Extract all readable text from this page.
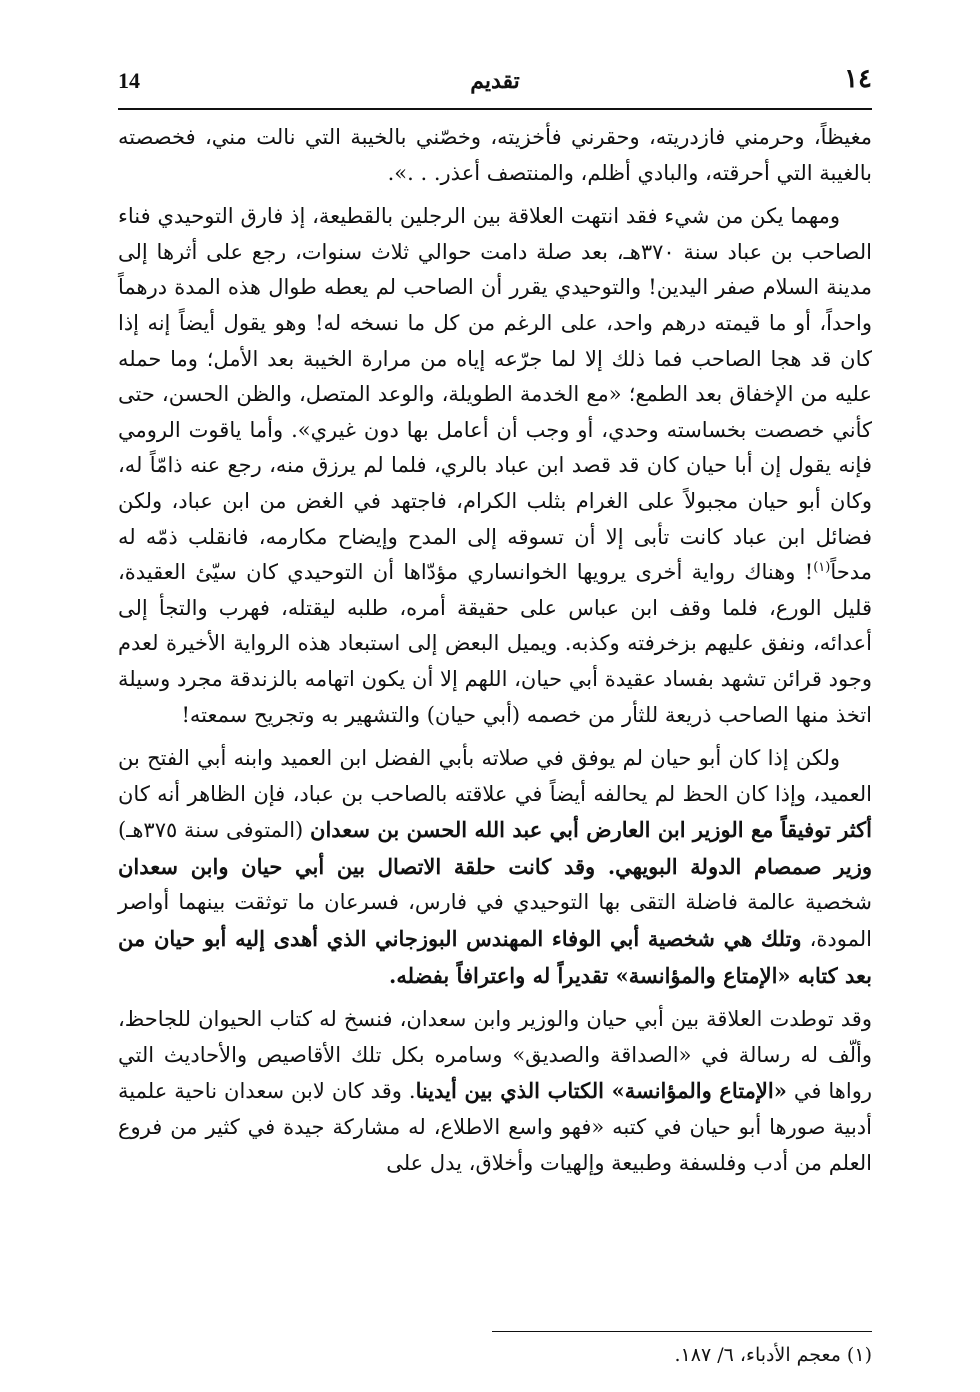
١٤
تقديم
14

مغيظاً، وحرمني فازدريته، وحقرني فأخزيته، وخصّني بالخيبة التي نالت مني، فخصصته بالغيبة التي أحرقته، والبادي أظلم، والمنتصف أعذر. . .».

ومهما يكن من شيء فقد انتهت العلاقة بين الرجلين بالقطيعة، إذ فارق التوحيدي فناء الصاحب بن عباد سنة ٣٧٠هـ، بعد صلة دامت حوالي ثلاث سنوات، رجع على أثرها إلى مدينة السلام صفر اليدين! والتوحيدي يقرر أن الصاحب لم يعطه طوال هذه المدة درهماً واحداً، أو ما قيمته درهم واحد، على الرغم من كل ما نسخه له! وهو يقول أيضاً إنه إذا كان قد هجا الصاحب فما ذلك إلا لما جرّعه إياه من مرارة الخيبة بعد الأمل؛ وما حمله عليه من الإخفاق بعد الطمع؛ «مع الخدمة الطويلة، والوعد المتصل، والظن الحسن، حتى كأني خصصت بخساسته وحدي، أو وجب أن أعامل بها دون غيري». وأما ياقوت الرومي فإنه يقول إن أبا حيان كان قد قصد ابن عباد بالري، فلما لم يرزق منه، رجع عنه ذامّاً له، وكان أبو حيان مجبولاً على الغرام بثلب الكرام، فاجتهد في الغض من ابن عباد، ولكن فضائل ابن عباد كانت تأبى إلا أن تسوقه إلى المدح وإيضاح مكارمه، فانقلب ذمّه له مدحاً$^{(١)}$! وهناك رواية أخرى يرويها الخوانساري مؤدّاها أن التوحيدي كان سيّئ العقيدة، قليل الورع، فلما وقف ابن عباس على حقيقة أمره، طلبه ليقتله، فهرب والتجأ إلى أعدائه، ونفق عليهم بزخرفته وكذبه. ويميل البعض إلى استبعاد هذه الرواية الأخيرة لعدم وجود قرائن تشهد بفساد عقيدة أبي حيان، اللهم إلا أن يكون اتهامه بالزندقة مجرد وسيلة اتخذ منها الصاحب ذريعة للثأر من خصمه (أبي حيان) والتشهير به وتجريح سمعته!

ولكن إذا كان أبو حيان لم يوفق في صلاته بأبي الفضل ابن العميد وابنه أبي الفتح بن العميد، وإذا كان الحظ لم يحالفه أيضاً في علاقته بالصاحب بن عباد، فإن الظاهر أنه كان أكثر توفيقاً مع الوزير ابن العارض أبي عبد الله الحسن بن سعدان (المتوفى سنة ٣٧٥هـ) وزير صمصام الدولة البويهي. وقد كانت حلقة الاتصال بين أبي حيان وابن سعدان شخصية عالمة فاضلة التقى بها التوحيدي في فارس، فسرعان ما توثقت بينهما أواصر المودة، وتلك هي شخصية أبي الوفاء المهندس البوزجاني الذي أهدى إليه أبو حيان من بعد كتابه «الإمتاع والمؤانسة» تقديراً له واعترافاً بفضله.

وقد توطدت العلاقة بين أبي حيان والوزير وابن سعدان، فنسخ له كتاب الحيوان للجاحظ، وألّف له رسالة في «الصداقة والصديق» وسامره بكل تلك الأقاصيص والأحاديث التي رواها في «الإمتاع والمؤانسة» الكتاب الذي بين أيدينا. وقد كان لابن سعدان ناحية علمية أدبية صورها أبو حيان في كتبه «فهو واسع الاطلاع، له مشاركة جيدة في كثير من فروع العلم من أدب وفلسفة وطبيعة وإلهيات وأخلاق، يدل على

(١) معجم الأدباء، ٦/ ١٨٧.
